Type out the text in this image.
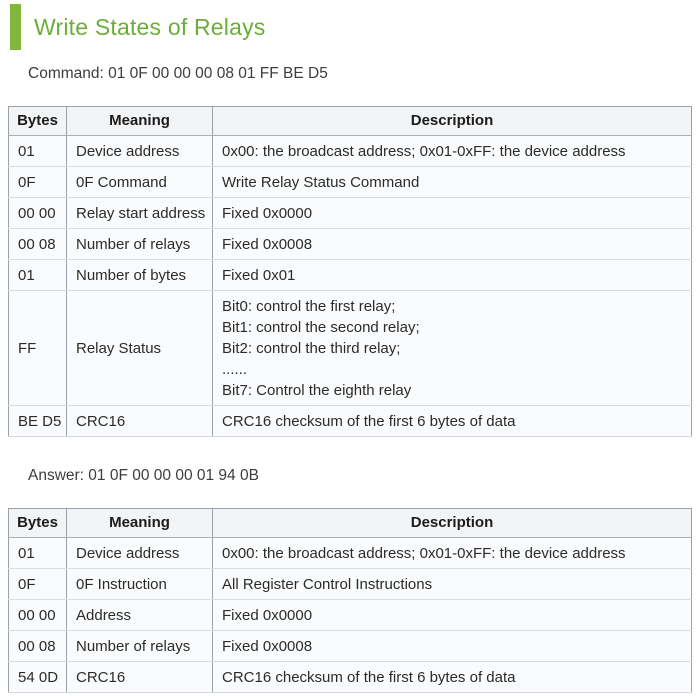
Write States of Relays
Command: 01 0F 00 00 00 08 01 FF BE D5
Bytes	Meaning	Description
01	Device address	0x00: the broadcast address; 0x01-0xFF: the device address
0F	0F Command	Write Relay Status Command
00 00	Relay start address	Fixed 0x0000
00 08	Number of relays	Fixed 0x0008
01	Number of bytes	Fixed 0x01
FF	Relay Status	Bit0: control the first relay;
Bit1: control the second relay;
Bit2: control the third relay;
......
Bit7: Control the eighth relay

BE D5	CRC16	CRC16 checksum of the first 6 bytes of data
Answer: 01 0F 00 00 00 01 94 0B
Bytes	Meaning	Description
01	Device address	0x00: the broadcast address; 0x01-0xFF: the device address
0F	0F Instruction	All Register Control Instructions
00 00	Address	Fixed 0x0000
00 08	Number of relays	Fixed 0x0008
54 0D	CRC16	CRC16 checksum of the first 6 bytes of data
